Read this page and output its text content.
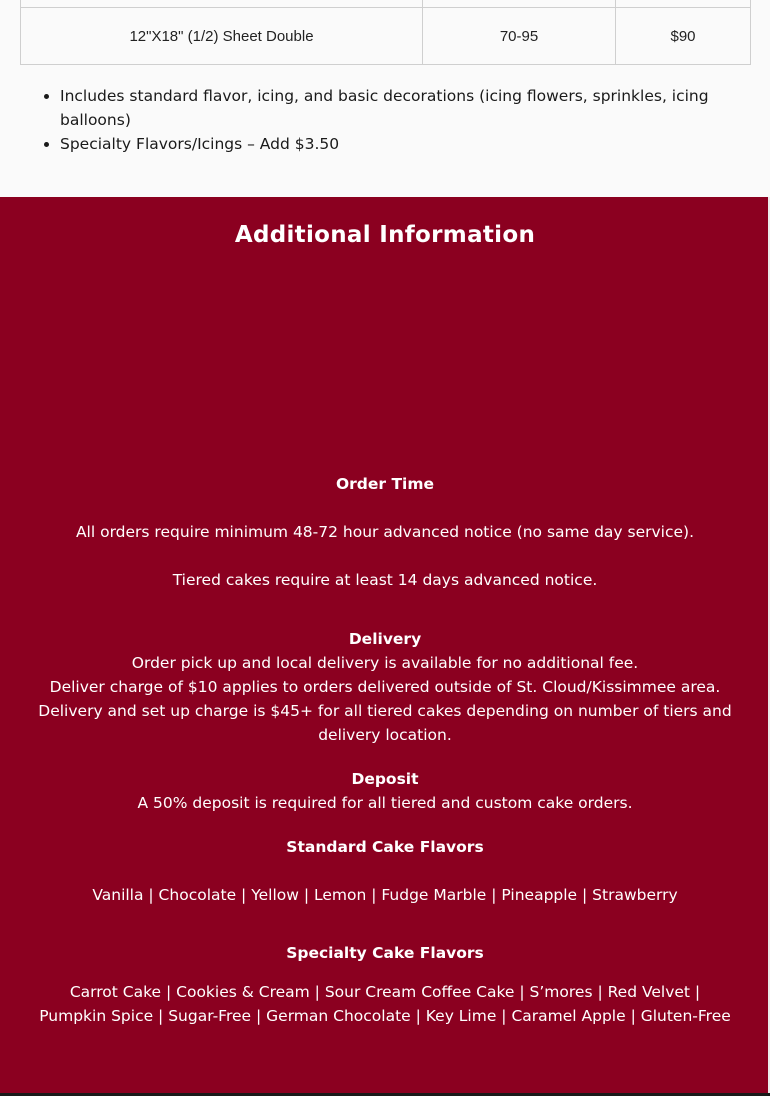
12"X18" (1/2) Sheet Double	70-95	$90
• Includes standard flavor, icing, and basic decorations (icing flowers, sprinkles, icing balloons)
• Specialty Flavors/Icings – Add $3.50
Additional Information

Order Time

All orders require minimum 48-72 hour advanced notice (no same day service).

Tiered cakes require at least 14 days advanced notice.

Delivery

Order pick up and local delivery is available for no additional fee.

Deliver charge of $10 applies to orders delivered outside of St. Cloud/Kissimmee area.

Delivery and set up charge is $45+ for all tiered cakes depending on number of tiers and delivery location.

Deposit

A 50% deposit is required for all tiered and custom cake orders.

Standard Cake Flavors

Vanilla | Chocolate | Yellow | Lemon | Fudge Marble | Pineapple | Strawberry

Specialty Cake Flavors

Carrot Cake | Cookies & Cream | Sour Cream Coffee Cake | S’mores | Red Velvet | Pumpkin Spice | Sugar-Free | German Chocolate | Key Lime | Caramel Apple | Gluten-Free
